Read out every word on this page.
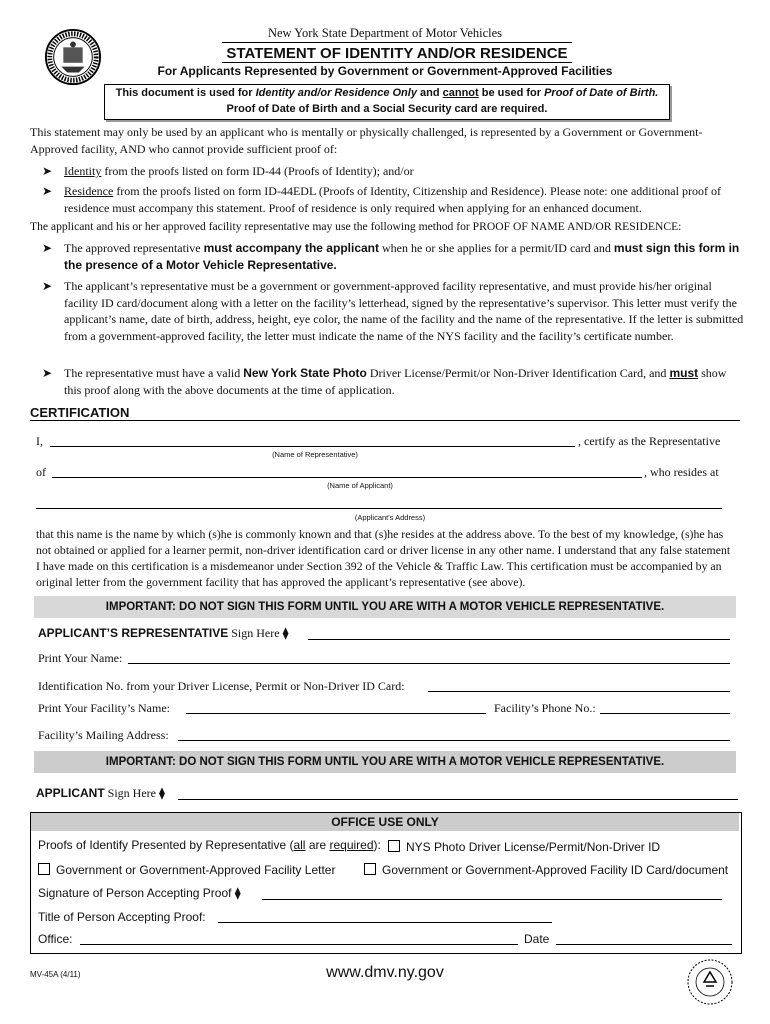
New York State Department of Motor Vehicles
STATEMENT OF IDENTITY AND/OR RESIDENCE
For Applicants Represented by Government or Government-Approved Facilities
This document is used for Identity and/or Residence Only and cannot be used for Proof of Date of Birth.
Proof of Date of Birth and a Social Security card are required.
This statement may only be used by an applicant who is mentally or physically challenged, is represented by a Government or Government-Approved facility, AND who cannot provide sufficient proof of:
➤ Identity from the proofs listed on form ID-44 (Proofs of Identity); and/or
➤ Residence from the proofs listed on form ID-44EDL (Proofs of Identity, Citizenship and Residence). Please note: one additional proof of residence must accompany this statement. Proof of residence is only required when applying for an enhanced document.
The applicant and his or her approved facility representative may use the following method for PROOF OF NAME AND/OR RESIDENCE:
➤ The approved representative must accompany the applicant when he or she applies for a permit/ID card and must sign this form in the presence of a Motor Vehicle Representative.
➤ The applicant’s representative must be a government or government-approved facility representative, and must provide his/her original facility ID card/document along with a letter on the facility’s letterhead, signed by the representative’s supervisor. This letter must verify the applicant’s name, date of birth, address, height, eye color, the name of the facility and the name of the representative. If the letter is submitted from a government-approved facility, the letter must indicate the name of the NYS facility and the facility’s certificate number.
➤ The representative must have a valid New York State Photo Driver License/Permit/or Non-Driver Identification Card, and must show this proof along with the above documents at the time of application.
CERTIFICATION
I,	, certify as the Representative
(Name of Representative)
of	, who resides at
(Name of Applicant)
(Applicant's Address)
that this name is the name by which (s)he is commonly known and that (s)he resides at the address above. To the best of my knowledge, (s)he has not obtained or applied for a learner permit, non-driver identification card or driver license in any other name. I understand that any false statement I have made on this certification is a misdemeanor under Section 392 of the Vehicle & Traffic Law. This certification must be accompanied by an original letter from the government facility that has approved the applicant’s representative (see above).
IMPORTANT: DO NOT SIGN THIS FORM UNTIL YOU ARE WITH A MOTOR VEHICLE REPRESENTATIVE.
APPLICANT’S REPRESENTATIVE Sign Here ⧫
Print Your Name:
Identification No. from your Driver License, Permit or Non-Driver ID Card:
Print Your Facility’s Name:	Facility’s Phone No.:
Facility’s Mailing Address:
IMPORTANT: DO NOT SIGN THIS FORM UNTIL YOU ARE WITH A MOTOR VEHICLE REPRESENTATIVE.
APPLICANT Sign Here ⧫
OFFICE USE ONLY
Proofs of Identify Presented by Representative (all are required):	NYS Photo Driver License/Permit/Non-Driver ID
Government or Government-Approved Facility Letter	Government or Government-Approved Facility ID Card/document
Signature of Person Accepting Proof ⧫
Title of Person Accepting Proof:
Office:	Date
MV-45A (4/11)	www.dmv.ny.gov
